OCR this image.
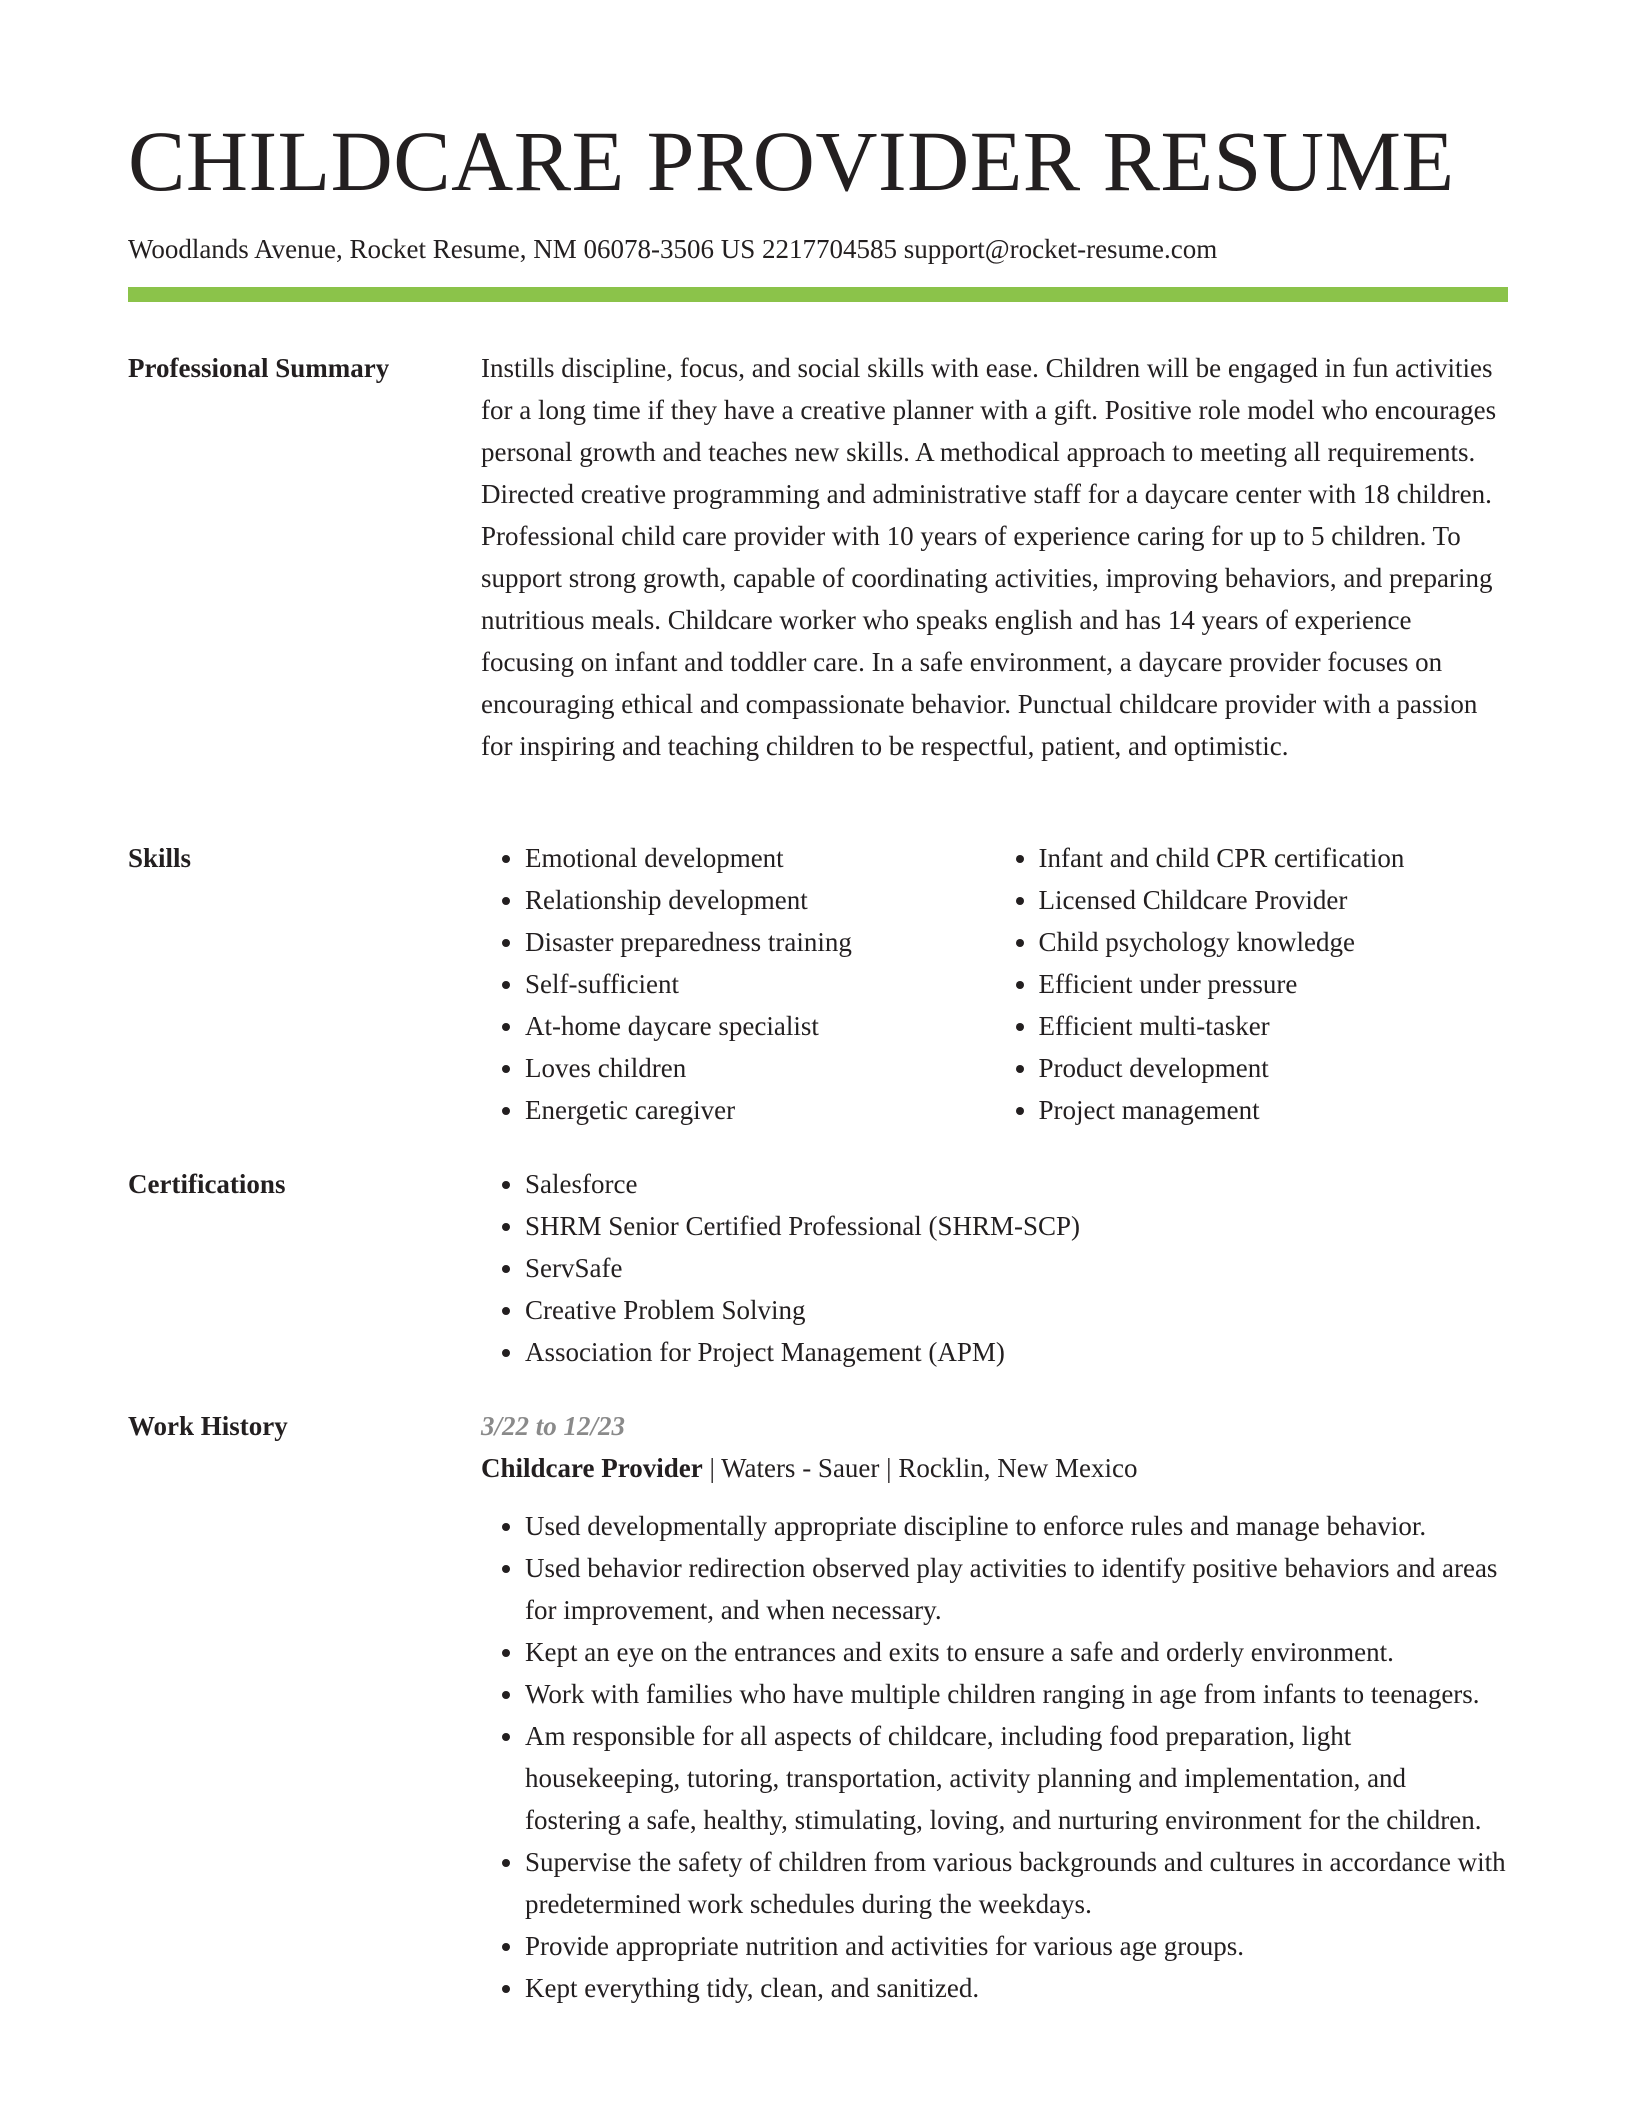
CHILDCARE PROVIDER RESUME
Woodlands Avenue, Rocket Resume, NM 06078-3506 US 2217704585 support@rocket-resume.com
Professional Summary	Instills discipline, focus, and social skills with ease. Children will be engaged in fun activities for a long time if they have a creative planner with a gift. Positive role model who encourages personal growth and teaches new skills. A methodical approach to meeting all requirements. Directed creative programming and administrative staff for a daycare center with 18 children. Professional child care provider with 10 years of experience caring for up to 5 children. To support strong growth, capable of coordinating activities, improving behaviors, and preparing nutritious meals. Childcare worker who speaks english and has 14 years of experience focusing on infant and toddler care. In a safe environment, a daycare provider focuses on encouraging ethical and compassionate behavior. Punctual childcare provider with a passion for inspiring and teaching children to be respectful, patient, and optimistic.

Skills	• Emotional development
• Relationship development
• Disaster preparedness training
• Self-sufficient
• At-home daycare specialist
• Loves children
• Energetic caregiver
• Infant and child CPR certification
• Licensed Childcare Provider
• Child psychology knowledge
• Efficient under pressure
• Efficient multi-tasker
• Product development
• Project management
Certifications	• Salesforce
• SHRM Senior Certified Professional (SHRM-SCP)
• ServSafe
• Creative Problem Solving
• Association for Project Management (APM)
Work History	3/22 to 12/23
Childcare Provider | Waters - Sauer | Rocklin, New Mexico
• Used developmentally appropriate discipline to enforce rules and manage behavior.
• Used behavior redirection observed play activities to identify positive behaviors and areas for improvement, and when necessary.
• Kept an eye on the entrances and exits to ensure a safe and orderly environment.
• Work with families who have multiple children ranging in age from infants to teenagers.
• Am responsible for all aspects of childcare, including food preparation, light housekeeping, tutoring, transportation, activity planning and implementation, and fostering a safe, healthy, stimulating, loving, and nurturing environment for the children.
• Supervise the safety of children from various backgrounds and cultures in accordance with predetermined work schedules during the weekdays.
• Provide appropriate nutrition and activities for various age groups.
• Kept everything tidy, clean, and sanitized.
